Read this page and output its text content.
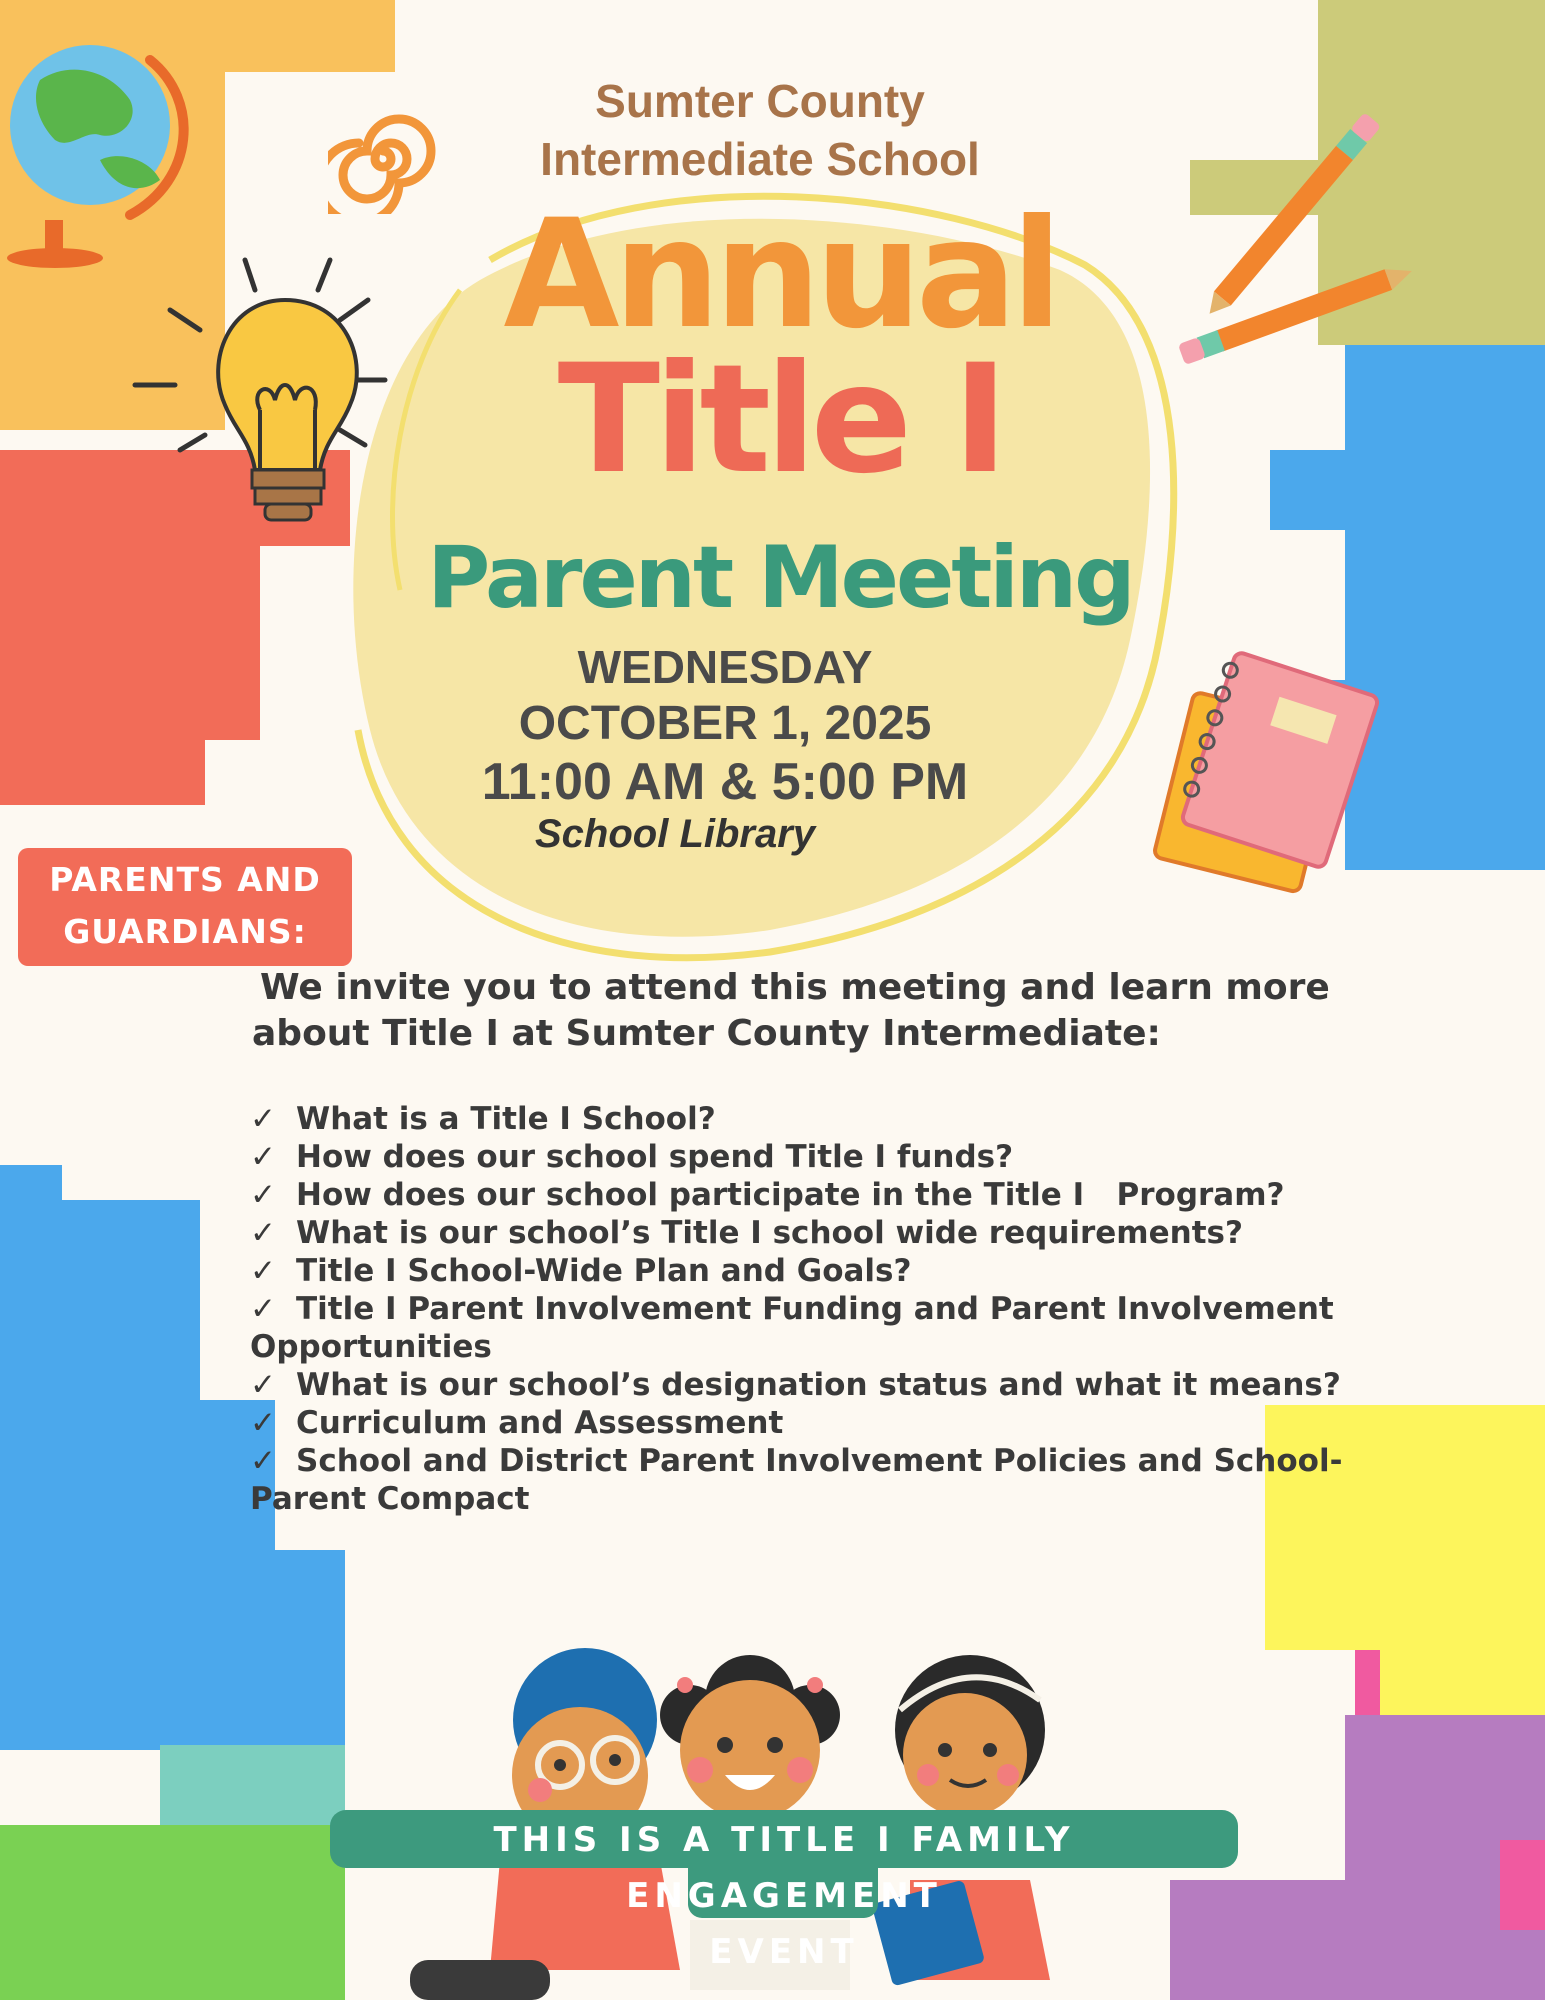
Sumter County
Intermediate School
Annual
Title I
Parent Meeting
WEDNESDAY
OCTOBER 1, 2025
11:00 AM & 5:00 PM
School Library
PARENTS AND
GUARDIANS:
We invite you to attend this meeting and learn more
about Title I at Sumter County Intermediate:
✓ What is a Title I School?
✓ How does our school spend Title I funds?
✓ How does our school participate in the Title I   Program?
✓ What is our school’s Title I school wide requirements?
✓ Title I School-Wide Plan and Goals?
✓ Title I Parent Involvement Funding and Parent Involvement Opportunities
✓ What is our school’s designation status and what it means?
✓ Curriculum and Assessment
✓ School and District Parent Involvement Policies and School-Parent Compact
THIS IS A TITLE I FAMILY ENGAGEMENT
EVENT
